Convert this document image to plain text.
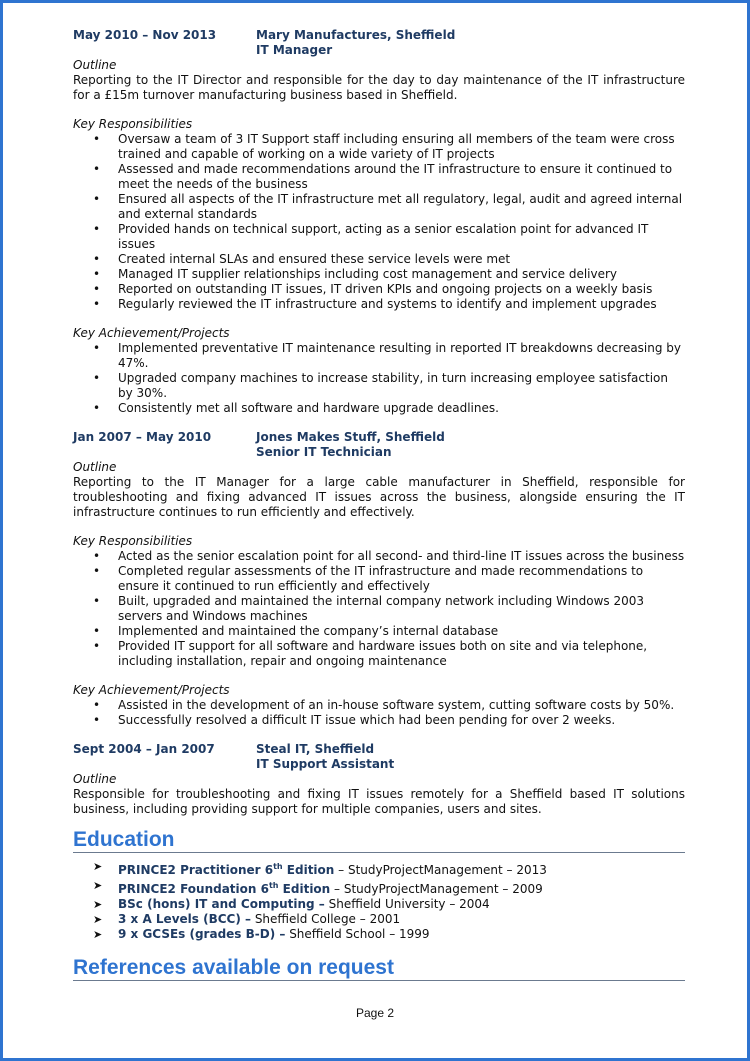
May 2010 – Nov 2013	Mary Manufactures, Sheffield
IT Manager
Outline

Reporting to the IT Director and responsible for the day to day maintenance of the IT infrastructure for a £15m turnover manufacturing business based in Sheffield.

Key Responsibilities
• Oversaw a team of 3 IT Support staff including ensuring all members of the team were cross trained and capable of working on a wide variety of IT projects
• Assessed and made recommendations around the IT infrastructure to ensure it continued to meet the needs of the business
• Ensured all aspects of the IT infrastructure met all regulatory, legal, audit and agreed internal and external standards
• Provided hands on technical support, acting as a senior escalation point for advanced IT issues
• Created internal SLAs and ensured these service levels were met
• Managed IT supplier relationships including cost management and service delivery
• Reported on outstanding IT issues, IT driven KPIs and ongoing projects on a weekly basis
• Regularly reviewed the IT infrastructure and systems to identify and implement upgrades
Key Achievement/Projects
• Implemented preventative IT maintenance resulting in reported IT breakdowns decreasing by 47%.
• Upgraded company machines to increase stability, in turn increasing employee satisfaction by 30%.
• Consistently met all software and hardware upgrade deadlines.
Jan 2007 – May 2010	Jones Makes Stuff, Sheffield
Senior IT Technician
Outline

Reporting to the IT Manager for a large cable manufacturer in Sheffield, responsible for troubleshooting and fixing advanced IT issues across the business, alongside ensuring the IT infrastructure continues to run efficiently and effectively.

Key Responsibilities
• Acted as the senior escalation point for all second- and third-line IT issues across the business
• Completed regular assessments of the IT infrastructure and made recommendations to ensure it continued to run efficiently and effectively
• Built, upgraded and maintained the internal company network including Windows 2003 servers and Windows machines
• Implemented and maintained the company’s internal database
• Provided IT support for all software and hardware issues both on site and via telephone, including installation, repair and ongoing maintenance
Key Achievement/Projects
• Assisted in the development of an in-house software system, cutting software costs by 50%.
• Successfully resolved a difficult IT issue which had been pending for over 2 weeks.
Sept 2004 – Jan 2007	Steal IT, Sheffield
IT Support Assistant
Outline

Responsible for troubleshooting and fixing IT issues remotely for a Sheffield based IT solutions business, including providing support for multiple companies, users and sites.

Education
➤ PRINCE2 Practitioner 6th Edition – StudyProjectManagement – 2013
➤ PRINCE2 Foundation 6th Edition – StudyProjectManagement – 2009
➤ BSc (hons) IT and Computing – Sheffield University – 2004
➤ 3 x A Levels (BCC) – Sheffield College – 2001
➤ 9 x GCSEs (grades B-D) – Sheffield School – 1999
References available on request
Page 2
